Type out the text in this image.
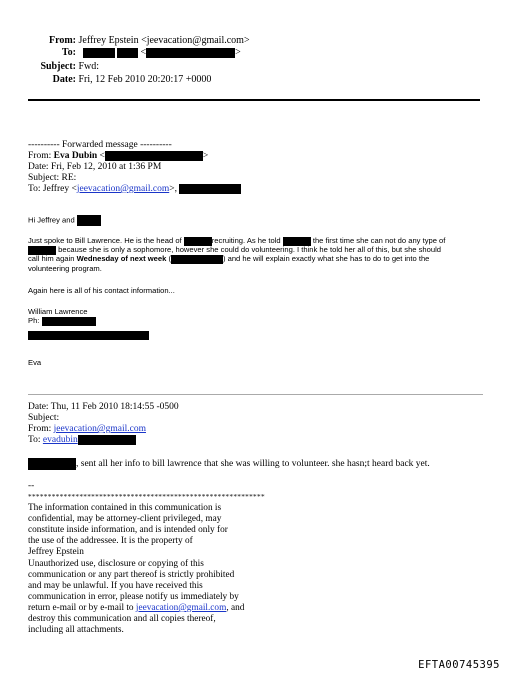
From: Jeffrey Epstein <jeevacation@gmail.com>
To:	<	>
Subject: Fwd:
Date: Fri, 12 Feb 2010 20:20:17 +0000
---------- Forwarded message ----------
From: Eva Dubin <	>
Date: Fri, Feb 12, 2010 at 1:36 PM
Subject: RE:
To: Jeffrey <jeevacation@gmail.com>,
Hi Jeffrey and
Just spoke to Bill Lawrence. He is the head of	recruiting. As he told	the first time she can not do any type of
because she is only a sophomore, however she could do volunteering. I think he told her all of this, but she should
call him again Wednesday of next week (	) and he will explain exactly what she has to do to get into the
volunteering program.
Again here is all of his contact information...
William Lawrence
Ph:
Eva
Date: Thu, 11 Feb 2010 18:14:55 -0500
Subject:
From: jeevacation@gmail.com
To: evadubin
, sent all her info to bill lawrence that she was willing to volunteer. she hasn;t heard back yet.
--
************************************************************
The information contained in this communication is
confidential, may be attorney-client privileged, may
constitute inside information, and is intended only for
the use of the addressee. It is the property of
Jeffrey Epstein
Unauthorized use, disclosure or copying of this
communication or any part thereof is strictly prohibited
and may be unlawful. If you have received this
communication in error, please notify us immediately by
return e-mail or by e-mail to jeevacation@gmail.com, and
destroy this communication and all copies thereof,
including all attachments.
EFTA00745395
